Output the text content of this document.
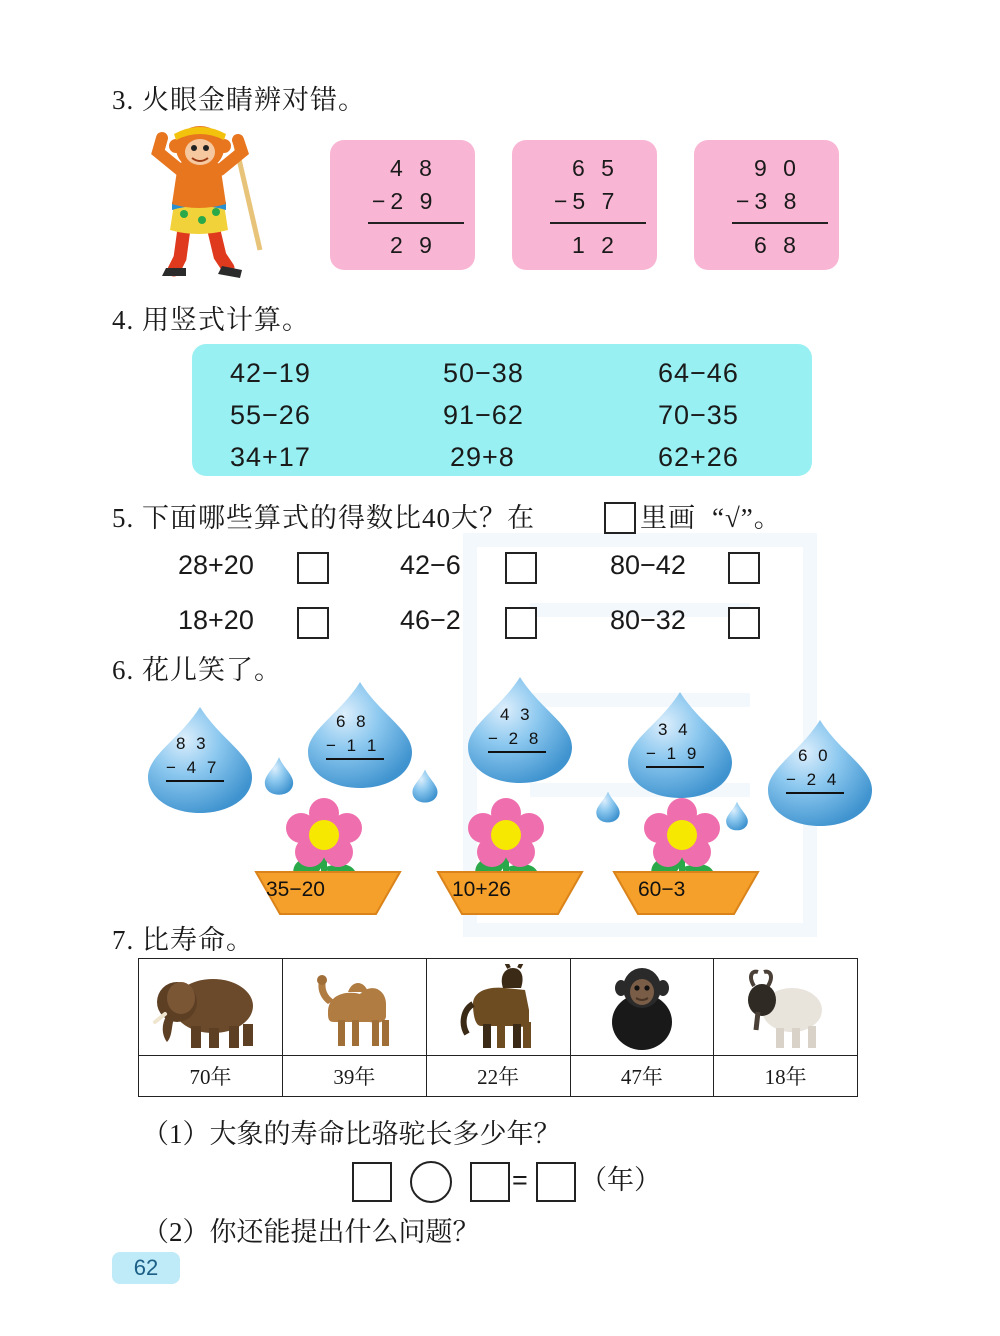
3. 火眼金睛辨对错。
4 8
−2 9
2 9
6 5
−5 7
1 2
9 0
−3 8
6 8
4. 用竖式计算。
42−19	50−38	64−46
55−26	91−62	70−35
34+17	29+8	62+26
5. 下面哪些算式的得数比40大？在	里画 “√”。
28+20	42−6	80−42
18+20	46−2	80−32
6. 花儿笑了。
8 3
− 4 7
6 8
− 1 1
4 3
− 2 8	3 4
− 1 9	6 0
− 2 4
35−20	10+26	60−3
7. 比寿命。

70年	39年	22年	47年	18年
（1）大象的寿命比骆驼长多少年？
= （年）
（2）你还能提出什么问题？
62
